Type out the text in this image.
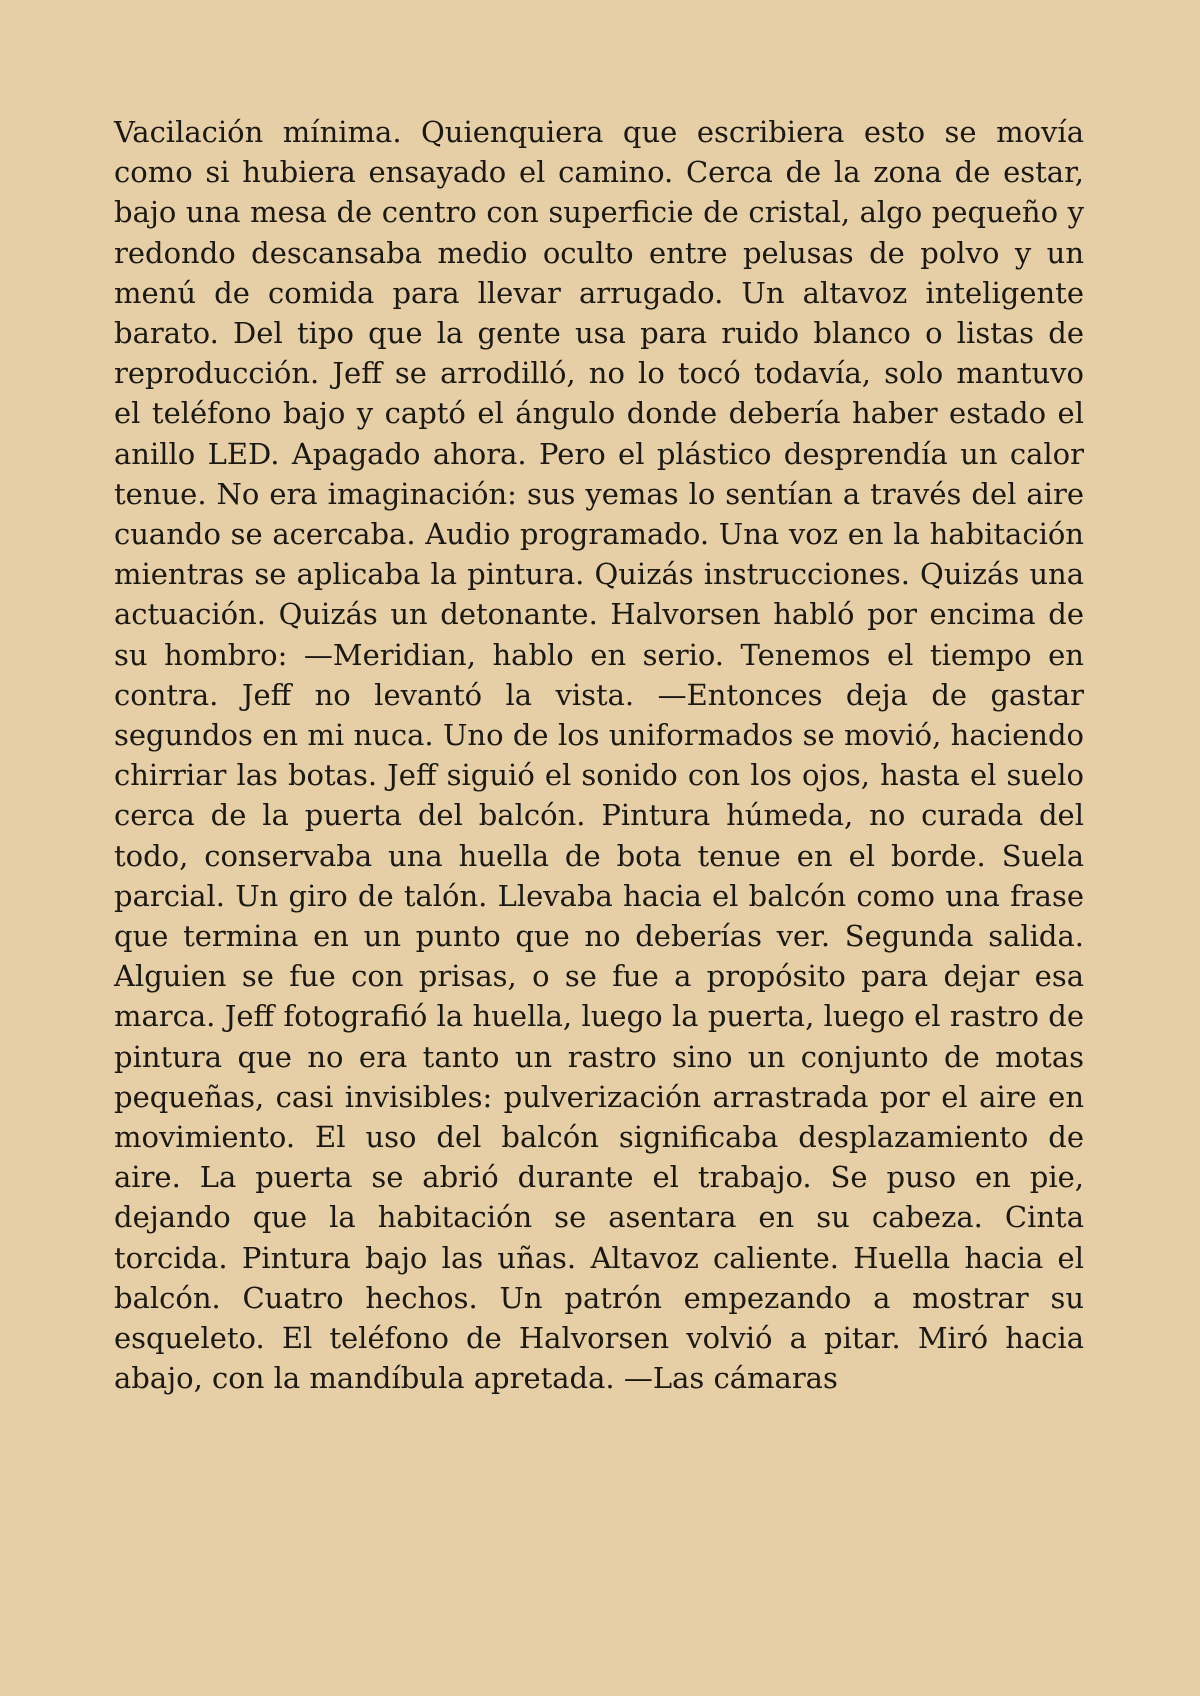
Vacilación mínima. Quienquiera que escribiera esto se movía como si hubiera ensayado el camino. Cerca de la zona de estar, bajo una mesa de centro con superficie de cristal, algo pequeño y redondo descansaba medio oculto entre pelusas de polvo y un menú de comida para llevar arrugado. Un altavoz inteligente barato. Del tipo que la gente usa para ruido blanco o listas de reproducción. Jeff se arrodilló, no lo tocó todavía, solo mantuvo el teléfono bajo y captó el ángulo donde debería haber estado el anillo LED. Apagado ahora. Pero el plástico desprendía un calor tenue. No era imaginación: sus yemas lo sentían a través del aire cuando se acercaba. Audio programado. Una voz en la habitación mientras se aplicaba la pintura. Quizás instrucciones. Quizás una actuación. Quizás un detonante. Halvorsen habló por encima de su hombro: —Meridian, hablo en serio. Tenemos el tiempo en contra. Jeff no levantó la vista. —Entonces deja de gastar segundos en mi nuca. Uno de los uniformados se movió, haciendo chirriar las botas. Jeff siguió el sonido con los ojos, hasta el suelo cerca de la puerta del balcón. Pintura húmeda, no curada del todo, conservaba una huella de bota tenue en el borde. Suela parcial. Un giro de talón. Llevaba hacia el balcón como una frase que termina en un punto que no deberías ver. Segunda salida. Alguien se fue con prisas, o se fue a propósito para dejar esa marca. Jeff fotografió la huella, luego la puerta, luego el rastro de pintura que no era tanto un rastro sino un conjunto de motas pequeñas, casi invisibles: pulverización arrastrada por el aire en movimiento. El uso del balcón significaba desplazamiento de aire. La puerta se abrió durante el trabajo. Se puso en pie, dejando que la habitación se asentara en su cabeza. Cinta torcida. Pintura bajo las uñas. Altavoz caliente. Huella hacia el balcón. Cuatro hechos. Un patrón empezando a mostrar su esqueleto. El teléfono de Halvorsen volvió a pitar. Miró hacia abajo, con la mandíbula apretada. —Las cámaras
